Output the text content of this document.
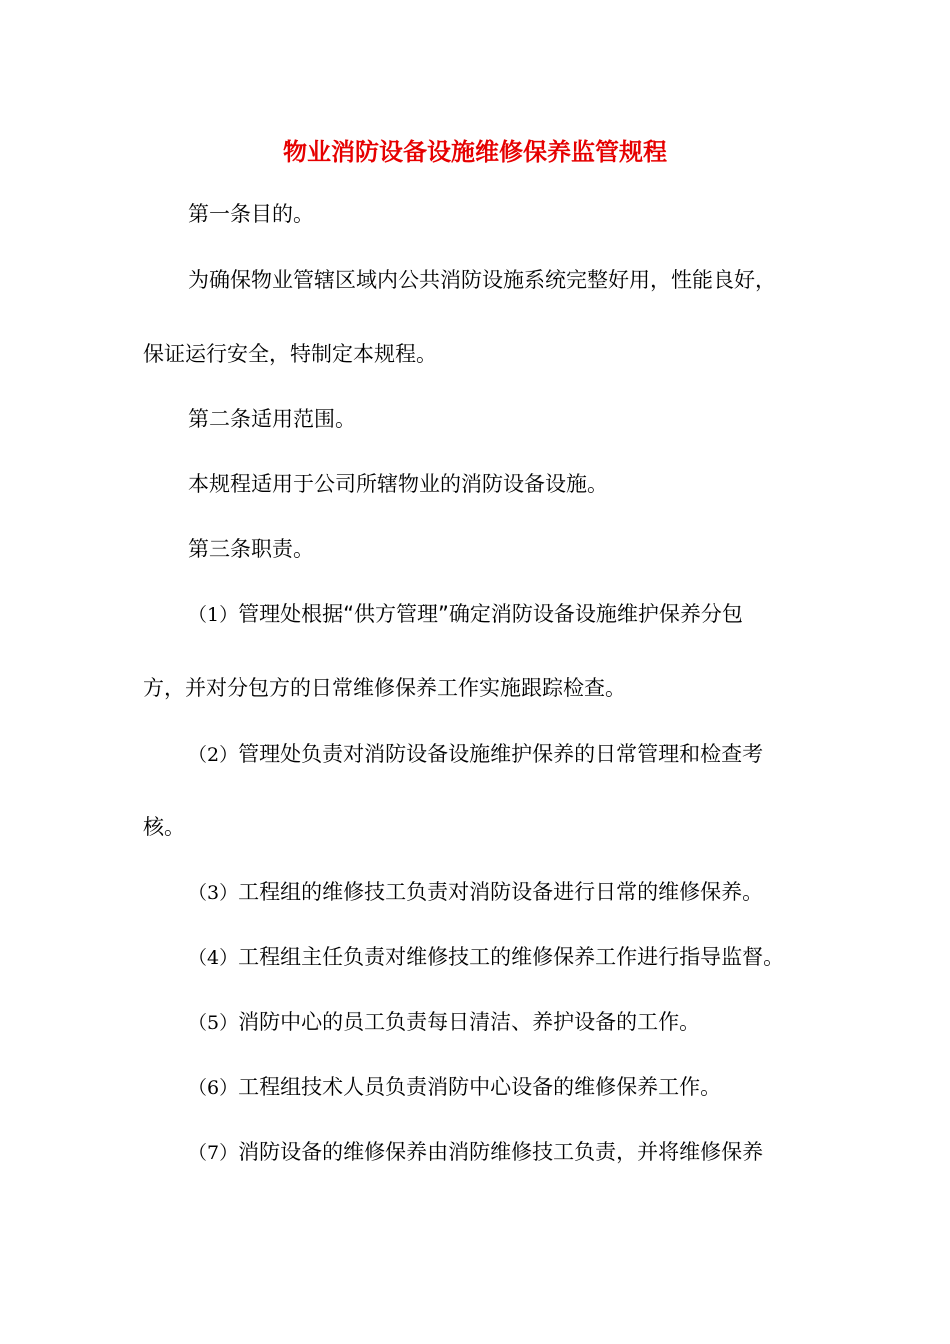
物业消防设备设施维修保养监管规程
第一条目的。
为确保物业管辖区域内公共消防设施系统完整好用，性能良好，
保证运行安全，特制定本规程。
第二条适用范围。
本规程适用于公司所辖物业的消防设备设施。
第三条职责。
（1）管理处根据“供方管理”确定消防设备设施维护保养分包
方，并对分包方的日常维修保养工作实施跟踪检查。
（2）管理处负责对消防设备设施维护保养的日常管理和检查考
核。
（3）工程组的维修技工负责对消防设备进行日常的维修保养。
（4）工程组主任负责对维修技工的维修保养工作进行指导监督。
（5）消防中心的员工负责每日清洁、养护设备的工作。
（6）工程组技术人员负责消防中心设备的维修保养工作。
（7）消防设备的维修保养由消防维修技工负责，并将维修保养
